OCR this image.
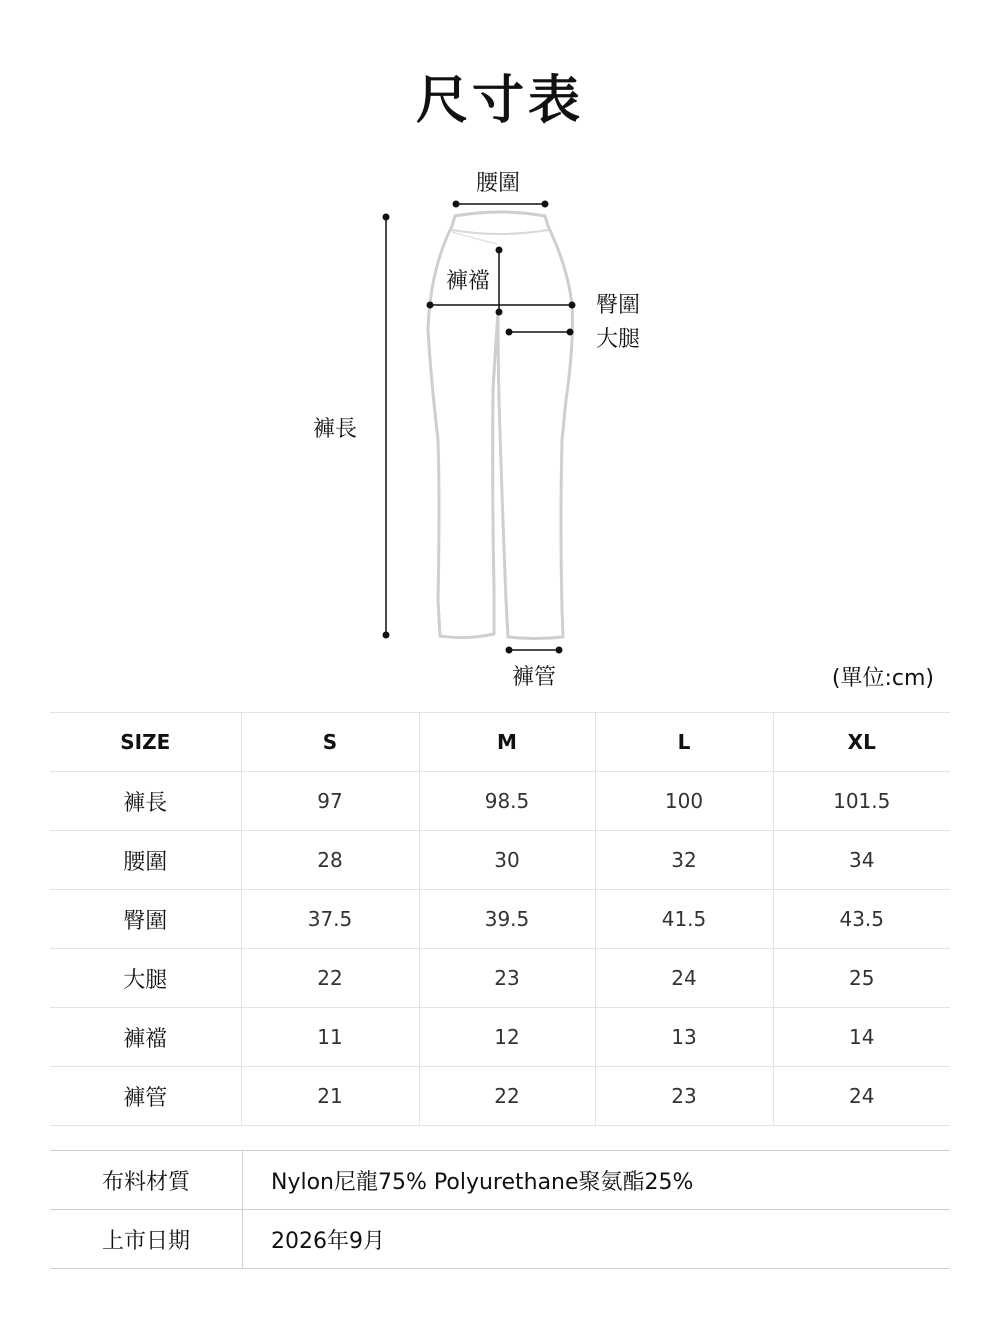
尺寸表
腰圍
褲襠
臀圍
大腿
褲長
褲管	(單位:cm)
SIZE	S	M	L	XL
褲長	97	98.5	100	101.5
腰圍	28	30	32	34
臀圍	37.5	39.5	41.5	43.5
大腿	22	23	24	25
褲襠	11	12	13	14
褲管	21	22	23	24
布料材質	Nylon尼龍75% Polyurethane聚氨酯25%
上市日期	2026年9月
